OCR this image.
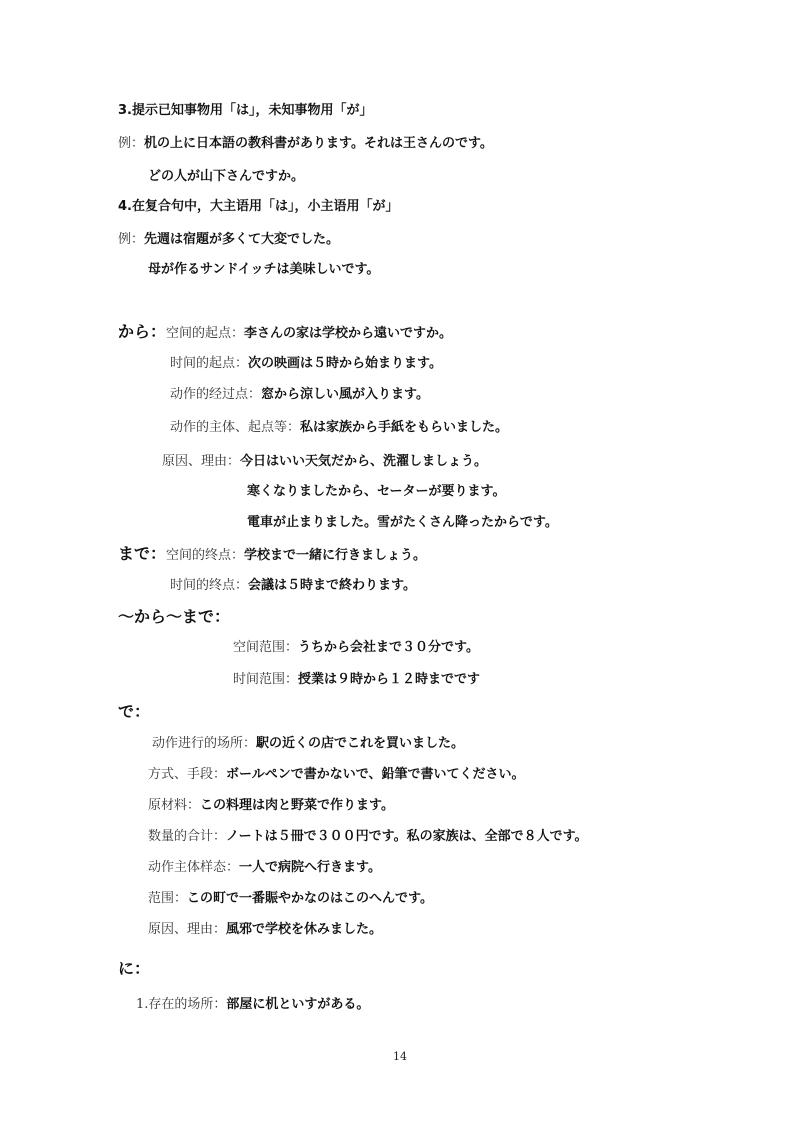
3.提示已知事物用「は」，未知事物用「が」
例：机の上に日本語の教科書があります。それは王さんのです。
どの人が山下さんですか。
4.在复合句中，大主语用「は」，小主语用「が」
例：先週は宿題が多くて大変でした。
母が作るサンドイッチは美味しいです。
から：空间的起点：李さんの家は学校から遠いですか。
时间的起点：次の映画は５時から始まります。
动作的经过点：窓から涼しい風が入ります。
动作的主体、起点等：私は家族から手紙をもらいました。
原因、理由：今日はいい天気だから、洗濯しましょう。
寒くなりましたから、セーターが要ります。
電車が止まりました。雪がたくさん降ったからです。
まで：空间的终点：学校まで一緒に行きましょう。
时间的终点：会議は５時まで終わります。
～から～まで：
空间范围：うちから会社まで３０分です。
时间范围：授業は９時から１２時までです
で：
动作进行的场所：駅の近くの店でこれを買いました。
方式、手段：ボールペンで書かないで、鉛筆で書いてください。
原材料：この料理は肉と野菜で作ります。
数量的合计：ノートは５冊で３００円です。私の家族は、全部で８人です。
动作主体样态：一人で病院へ行きます。
范围：この町で一番賑やかなのはこのへんです。
原因、理由：風邪で学校を休みました。
に：
1.存在的场所：部屋に机といすがある。
14
